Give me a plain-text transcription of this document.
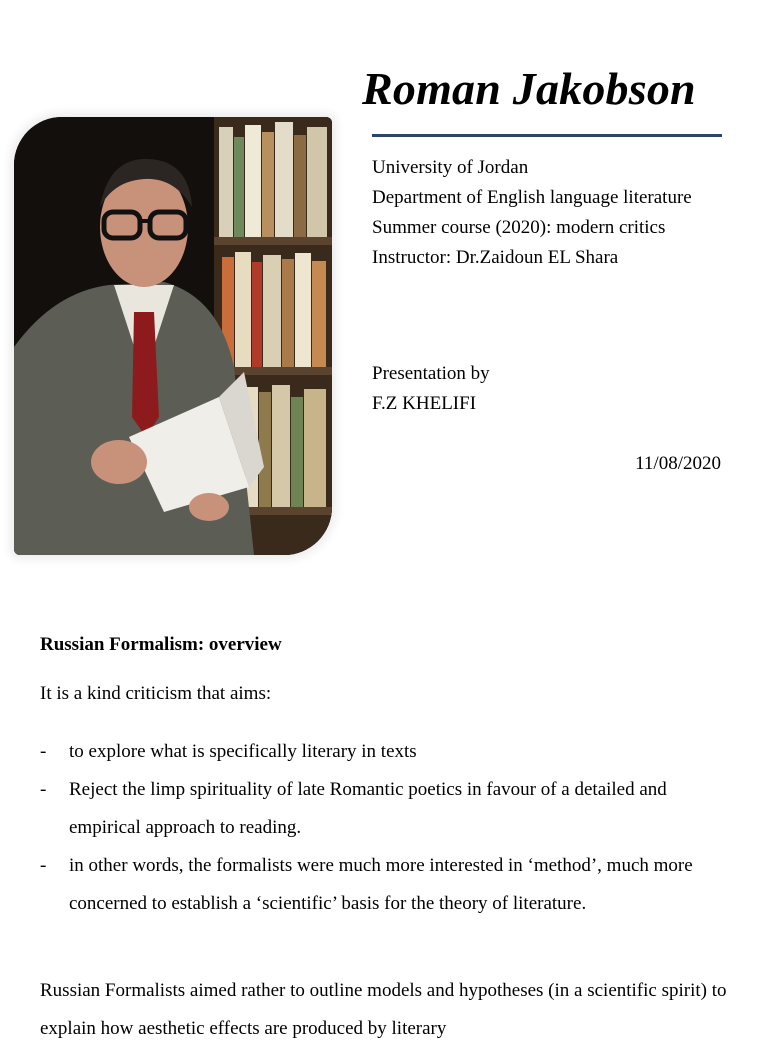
Roman Jakobson
University of Jordan
Department of English language literature
Summer course (2020): modern critics
Instructor: Dr.Zaidoun EL Shara
Presentation by
F.Z KHELIFI
11/08/2020
Russian Formalism: overview
It is a kind criticism that aims:
- to explore what is specifically literary in texts
- Reject the limp spirituality of late Romantic poetics in favour of a detailed and empirical approach to reading.
- in other words, the formalists were much more interested in ‘method’, much more concerned to establish a ‘scientific’ basis for the theory of literature.
Russian Formalists aimed rather to outline models and hypotheses (in a scientific spirit) to explain how aesthetic effects are produced by literary
